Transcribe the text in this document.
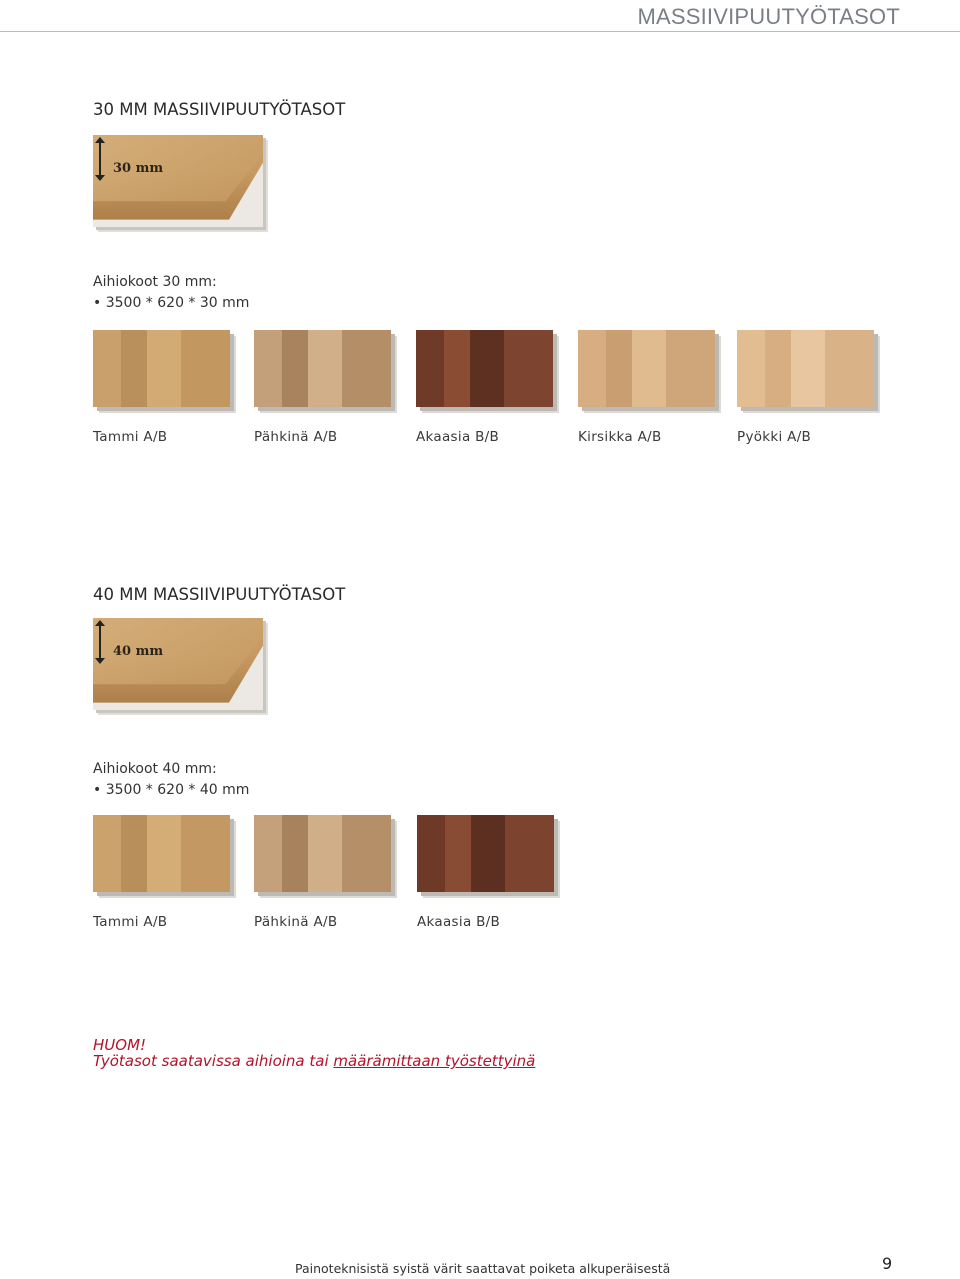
MASSIIVIPUUTYÖTASOT
30 MM MASSIIVIPUUTYÖTASOT
30 mm
Aihiokoot 30 mm:
• 3500 * 620 * 30 mm
Tammi A/B	Pähkinä A/B	Akaasia B/B	Kirsikka A/B	Pyökki A/B
40 MM MASSIIVIPUUTYÖTASOT
40 mm
Aihiokoot 40 mm:
• 3500 * 620 * 40 mm
Tammi A/B	Pähkinä A/B	Akaasia B/B
HUOM!
Työtasot saatavissa aihioina tai määrämittaan työstettyinä
Painoteknisistä syistä värit saattavat poiketa alkuperäisestä	9
